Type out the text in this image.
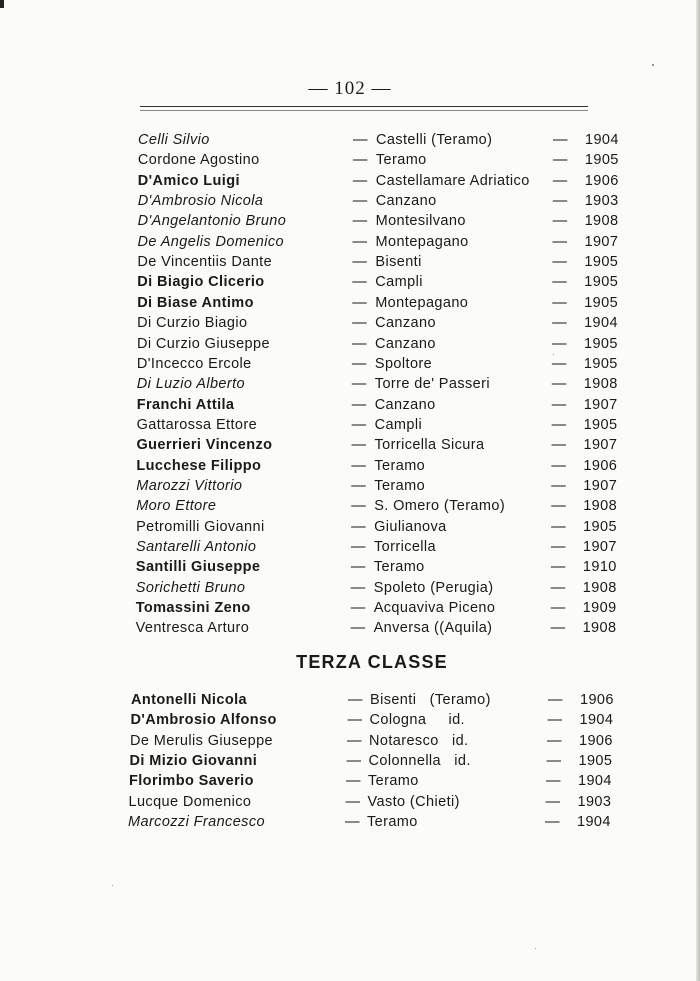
— 102 —
Celli Silvio	— Castelli (Teramo)	— 1904
Cordone Agostino	— Teramo	— 1905
D'Amico Luigi	— Castellamare Adriatico — 1906
D'Ambrosio Nicola	— Canzano	— 1903
D'Angelantonio Bruno	— Montesilvano	— 1908
De Angelis Domenico	— Montepagano	— 1907
De Vincentiis Dante	— Bisenti	— 1905
Di Biagio Clicerio	— Campli	— 1905
Di Biase Antimo	— Montepagano	— 1905
Di Curzio Biagio	— Canzano	— 1904
Di Curzio Giuseppe	— Canzano	— 1905
D'Incecco Ercole	— Spoltore	— 1905
Di Luzio Alberto	— Torre de' Passeri	— 1908
Franchi Attila	— Canzano	— 1907
Gattarossa Ettore	— Campli	— 1905
Guerrieri Vincenzo	— Torricella Sicura	— 1907
Lucchese Filippo	— Teramo	— 1906
Marozzi Vittorio	— Teramo	— 1907
Moro Ettore	— S. Omero (Teramo)	— 1908
Petromilli Giovanni	— Giulianova	— 1905
Santarelli Antonio	— Torricella	— 1907
Santilli Giuseppe	— Teramo	— 1910
Sorichetti Bruno	— Spoleto (Perugia)	— 1908
Tomassini Zeno	— Acquaviva Piceno	— 1909
Ventresca Arturo	— Anversa ((Aquila)	— 1908
TERZA CLASSE
Antonelli Nicola	— Bisenti   (Teramo)	— 1906
D'Ambrosio Alfonso	— Cologna     id.	— 1904
De Merulis Giuseppe	— Notaresco   id.	— 1906
Di Mizio Giovanni	— Colonnella   id.	— 1905
Florimbo Saverio	— Teramo	— 1904
Lucque Domenico	— Vasto (Chieti)	— 1903
Marcozzi Francesco	— Teramo	— 1904
